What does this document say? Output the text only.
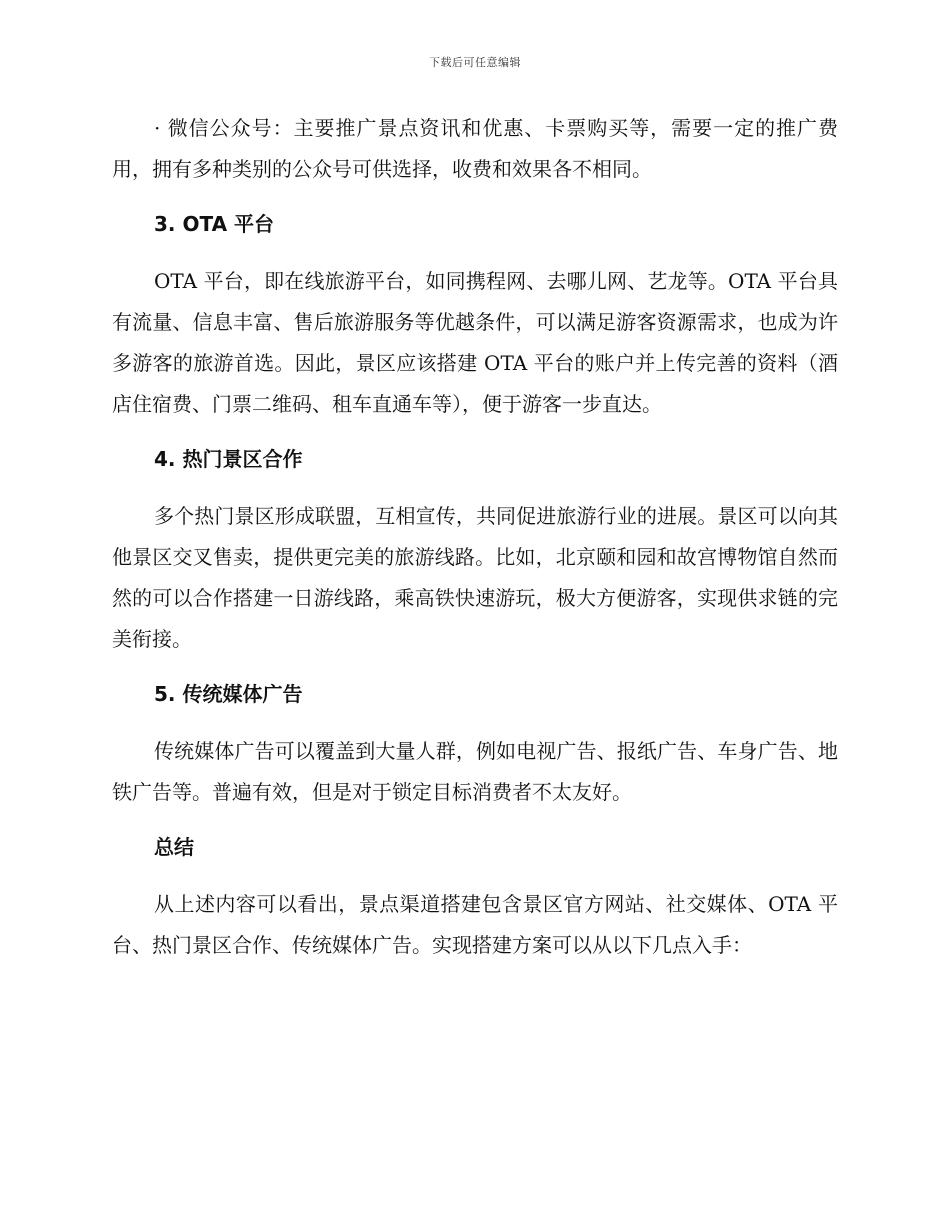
下载后可任意编辑

· 微信公众号：主要推广景点资讯和优惠、卡票购买等，需要一定的推广费用，拥有多种类别的公众号可供选择，收费和效果各不相同。

3. OTA 平台

OTA 平台，即在线旅游平台，如同携程网、去哪儿网、艺龙等。OTA 平台具有流量、信息丰富、售后旅游服务等优越条件，可以满足游客资源需求，也成为许多游客的旅游首选。因此，景区应该搭建 OTA 平台的账户并上传完善的资料（酒店住宿费、门票二维码、租车直通车等），便于游客一步直达。

4. 热门景区合作

多个热门景区形成联盟，互相宣传，共同促进旅游行业的进展。景区可以向其他景区交叉售卖，提供更完美的旅游线路。比如，北京颐和园和故宫博物馆自然而然的可以合作搭建一日游线路，乘高铁快速游玩，极大方便游客，实现供求链的完美衔接。

5. 传统媒体广告

传统媒体广告可以覆盖到大量人群，例如电视广告、报纸广告、车身广告、地铁广告等。普遍有效，但是对于锁定目标消费者不太友好。

总结

从上述内容可以看出，景点渠道搭建包含景区官方网站、社交媒体、OTA 平台、热门景区合作、传统媒体广告。实现搭建方案可以从以下几点入手：
